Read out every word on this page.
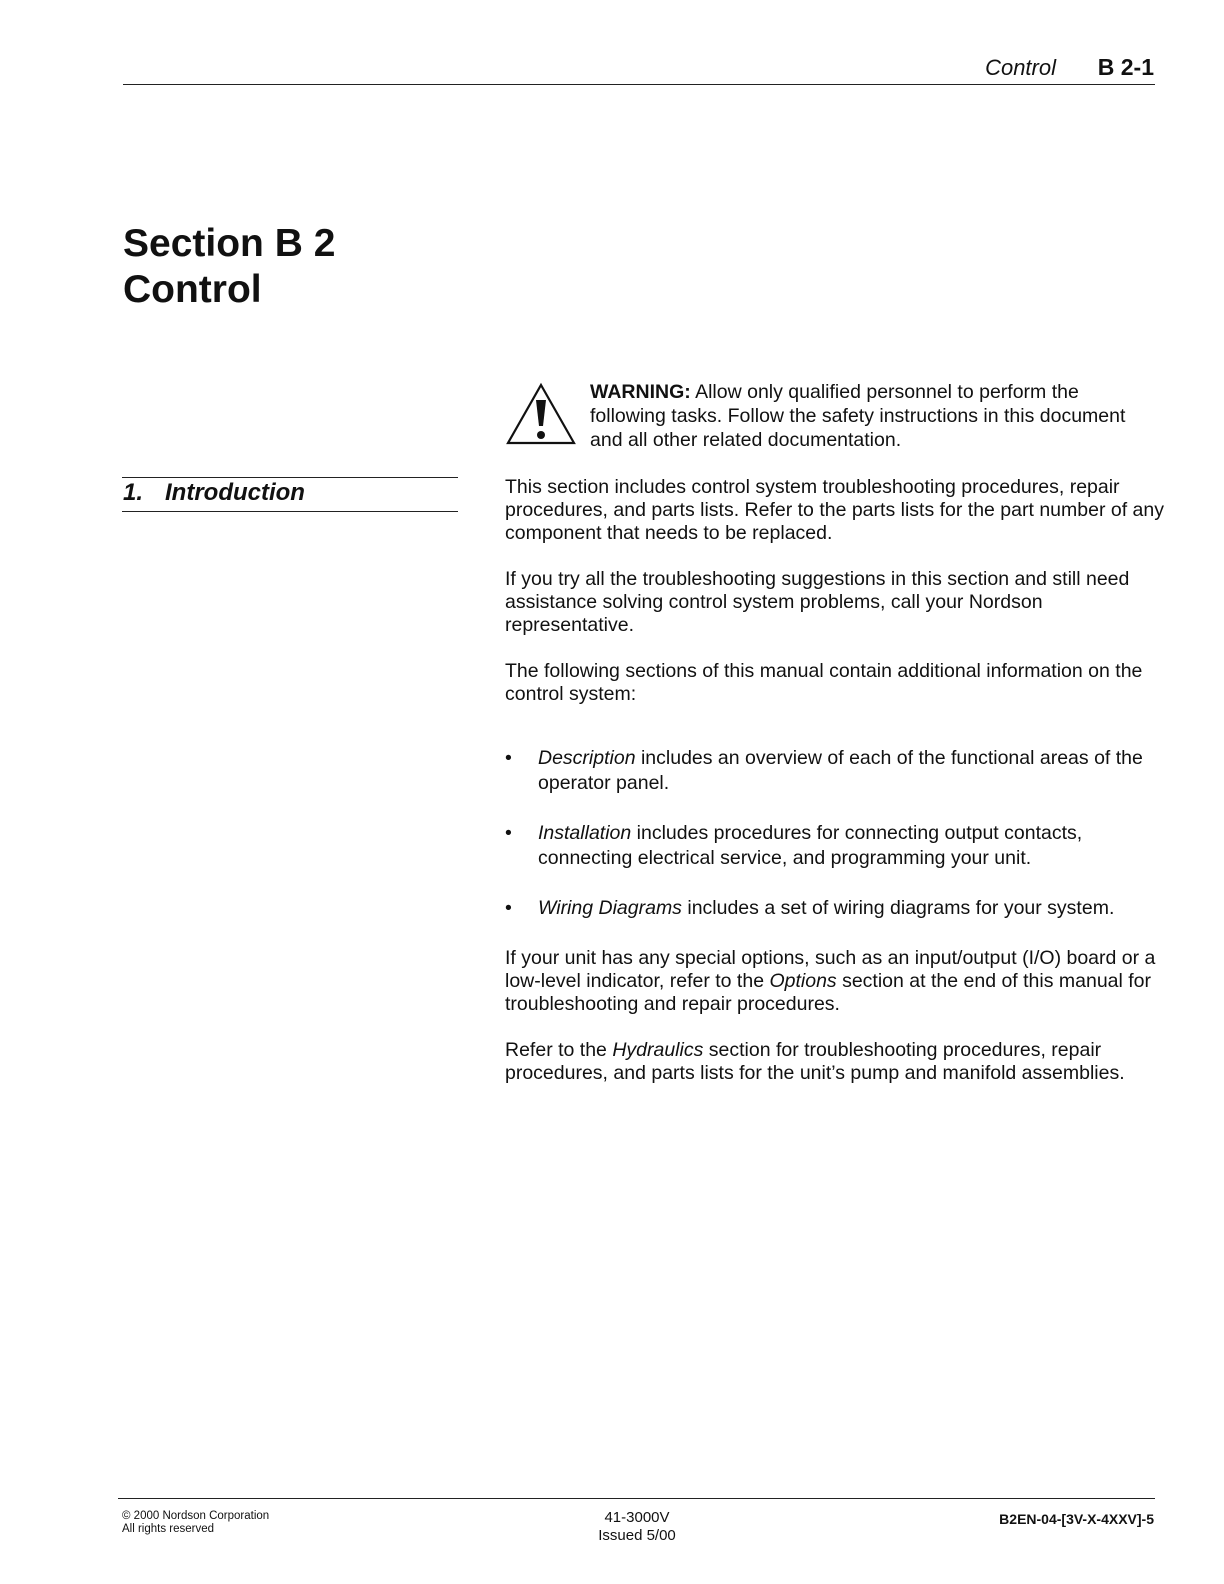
Control B 2-1
Section B 2
Control
1. Introduction

WARNING: Allow only qualified personnel to perform the following tasks. Follow the safety instructions in this document and all other related documentation.

This section includes control system troubleshooting procedures, repair procedures, and parts lists. Refer to the parts lists for the part number of any component that needs to be replaced.

If you try all the troubleshooting suggestions in this section and still need assistance solving control system problems, call your Nordson representative.

The following sections of this manual contain additional information on the control system:

• Description includes an overview of each of the functional areas of the operator panel.
• Installation includes procedures for connecting output contacts, connecting electrical service, and programming your unit.
• Wiring Diagrams includes a set of wiring diagrams for your system.

If your unit has any special options, such as an input/output (I/O) board or a low-level indicator, refer to the Options section at the end of this manual for troubleshooting and repair procedures.

Refer to the Hydraulics section for troubleshooting procedures, repair procedures, and parts lists for the unit’s pump and manifold assemblies.

© 2000 Nordson Corporation
All rights reserved
41-3000V
Issued 5/00
B2EN-04-[3V-X-4XXV]-5
